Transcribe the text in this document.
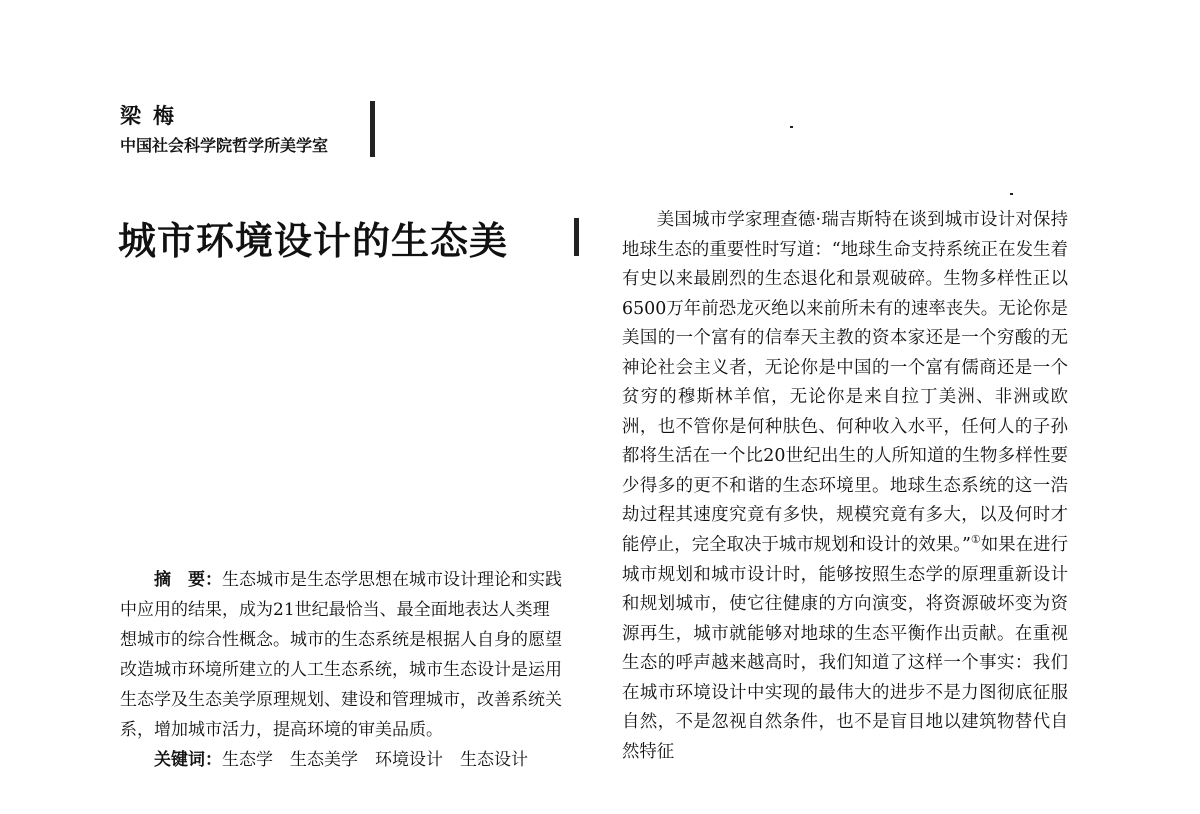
梁梅
中国社会科学院哲学所美学室
城市环境设计的生态美

摘　要：生态城市是生态学思想在城市设计理论和实践中应用的结果，成为21世纪最恰当、最全面地表达人类理想城市的综合性概念。城市的生态系统是根据人自身的愿望改造城市环境所建立的人工生态系统，城市生态设计是运用生态学及生态美学原理规划、建设和管理城市，改善系统关系，增加城市活力，提高环境的审美品质。

关键词：生态学　生态美学　环境设计　生态设计

美国城市学家理查德·瑞吉斯特在谈到城市设计对保持地球生态的重要性时写道：“地球生命支持系统正在发生着有史以来最剧烈的生态退化和景观破碎。生物多样性正以6500万年前恐龙灭绝以来前所未有的速率丧失。无论你是美国的一个富有的信奉天主教的资本家还是一个穷酸的无神论社会主义者，无论你是中国的一个富有儒商还是一个贫穷的穆斯林羊倌，无论你是来自拉丁美洲、非洲或欧洲，也不管你是何种肤色、何种收入水平，任何人的子孙都将生活在一个比20世纪出生的人所知道的生物多样性要少得多的更不和谐的生态环境里。地球生态系统的这一浩劫过程其速度究竟有多快，规模究竟有多大，以及何时才能停止，完全取决于城市规划和设计的效果。”①如果在进行城市规划和城市设计时，能够按照生态学的原理重新设计和规划城市，使它往健康的方向演变，将资源破坏变为资源再生，城市就能够对地球的生态平衡作出贡献。在重视生态的呼声越来越高时，我们知道了这样一个事实：我们在城市环境设计中实现的最伟大的进步不是力图彻底征服自然，不是忽视自然条件，也不是盲目地以建筑物替代自然特征
